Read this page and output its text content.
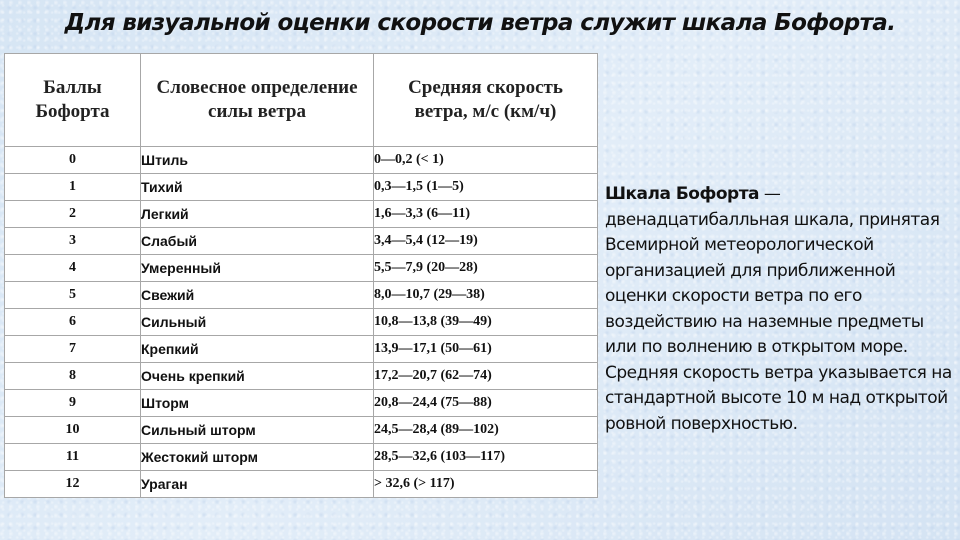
Для визуальной оценки скорости ветра служит шкала Бофорта.
Баллы Бофорта	Словесное определение силы ветра	Средняя скорость ветра, м/с (км/ч)
0	Штиль	0—0,2 (< 1)
1	Тихий	0,3—1,5 (1—5)
2	Легкий	1,6—3,3 (6—11)
3	Слабый	3,4—5,4 (12—19)
4	Умеренный	5,5—7,9 (20—28)
5	Свежий	8,0—10,7 (29—38)
6	Сильный	10,8—13,8 (39—49)
7	Крепкий	13,9—17,1 (50—61)
8	Очень крепкий	17,2—20,7 (62—74)
9	Шторм	20,8—24,4 (75—88)
10	Сильный шторм	24,5—28,4 (89—102)
11	Жестокий шторм	28,5—32,6 (103—117)
12	Ураган	> 32,6 (> 117)
Шкала Бофорта — двенадцатибалльная шкала, принятая Всемирной метеорологической организацией для приближенной оценки скорости ветра по его воздействию на наземные предметы или по волнению в открытом море.
Средняя скорость ветра указывается на стандартной высоте 10 м над открытой ровной поверхностью.
